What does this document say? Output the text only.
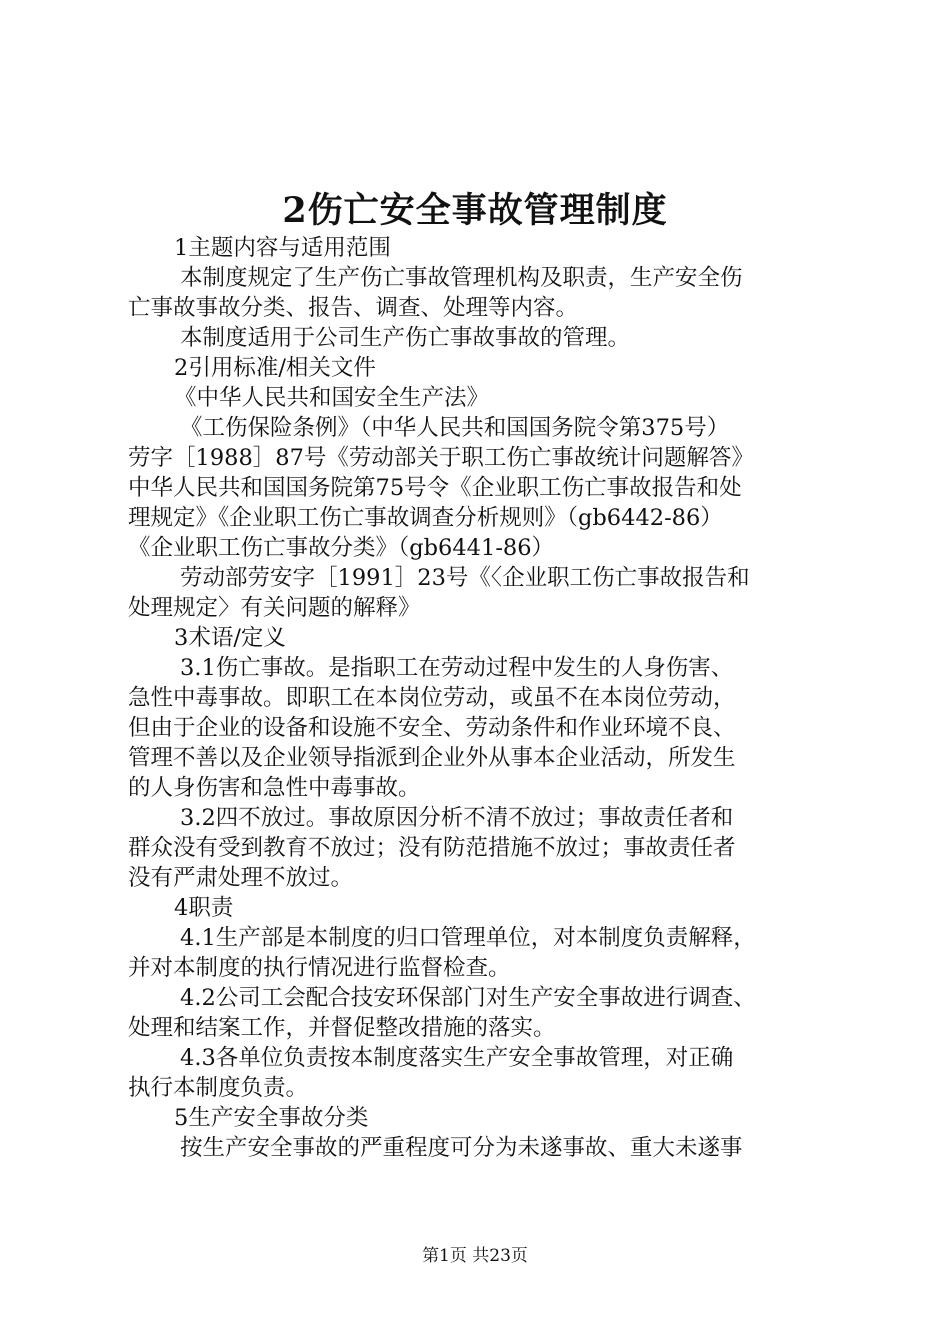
2伤亡安全事故管理制度
1主题内容与适用范围
本制度规定了生产伤亡事故管理机构及职责，生产安全伤
亡事故事故分类、报告、调查、处理等内容。
本制度适用于公司生产伤亡事故事故的管理。
2引用标准/相关文件
《中华人民共和国安全生产法》
《工伤保险条例》（中华人民共和国国务院令第375号）
劳字［1988］87号《劳动部关于职工伤亡事故统计问题解答》
中华人民共和国国务院第75号令《企业职工伤亡事故报告和处
理规定》《企业职工伤亡事故调查分析规则》（gb6442-86）
《企业职工伤亡事故分类》（gb6441-86）
劳动部劳安字［1991］23号《〈企业职工伤亡事故报告和
处理规定〉有关问题的解释》
3术语/定义
3.1伤亡事故。是指职工在劳动过程中发生的人身伤害、
急性中毒事故。即职工在本岗位劳动，或虽不在本岗位劳动，
但由于企业的设备和设施不安全、劳动条件和作业环境不良、
管理不善以及企业领导指派到企业外从事本企业活动，所发生
的人身伤害和急性中毒事故。
3.2四不放过。事故原因分析不清不放过；事故责任者和
群众没有受到教育不放过；没有防范措施不放过；事故责任者
没有严肃处理不放过。
4职责
4.1生产部是本制度的归口管理单位，对本制度负责解释，
并对本制度的执行情况进行监督检查。
4.2公司工会配合技安环保部门对生产安全事故进行调查、
处理和结案工作，并督促整改措施的落实。
4.3各单位负责按本制度落实生产安全事故管理，对正确
执行本制度负责。
5生产安全事故分类
按生产安全事故的严重程度可分为未遂事故、重大未遂事
第1页 共23页
